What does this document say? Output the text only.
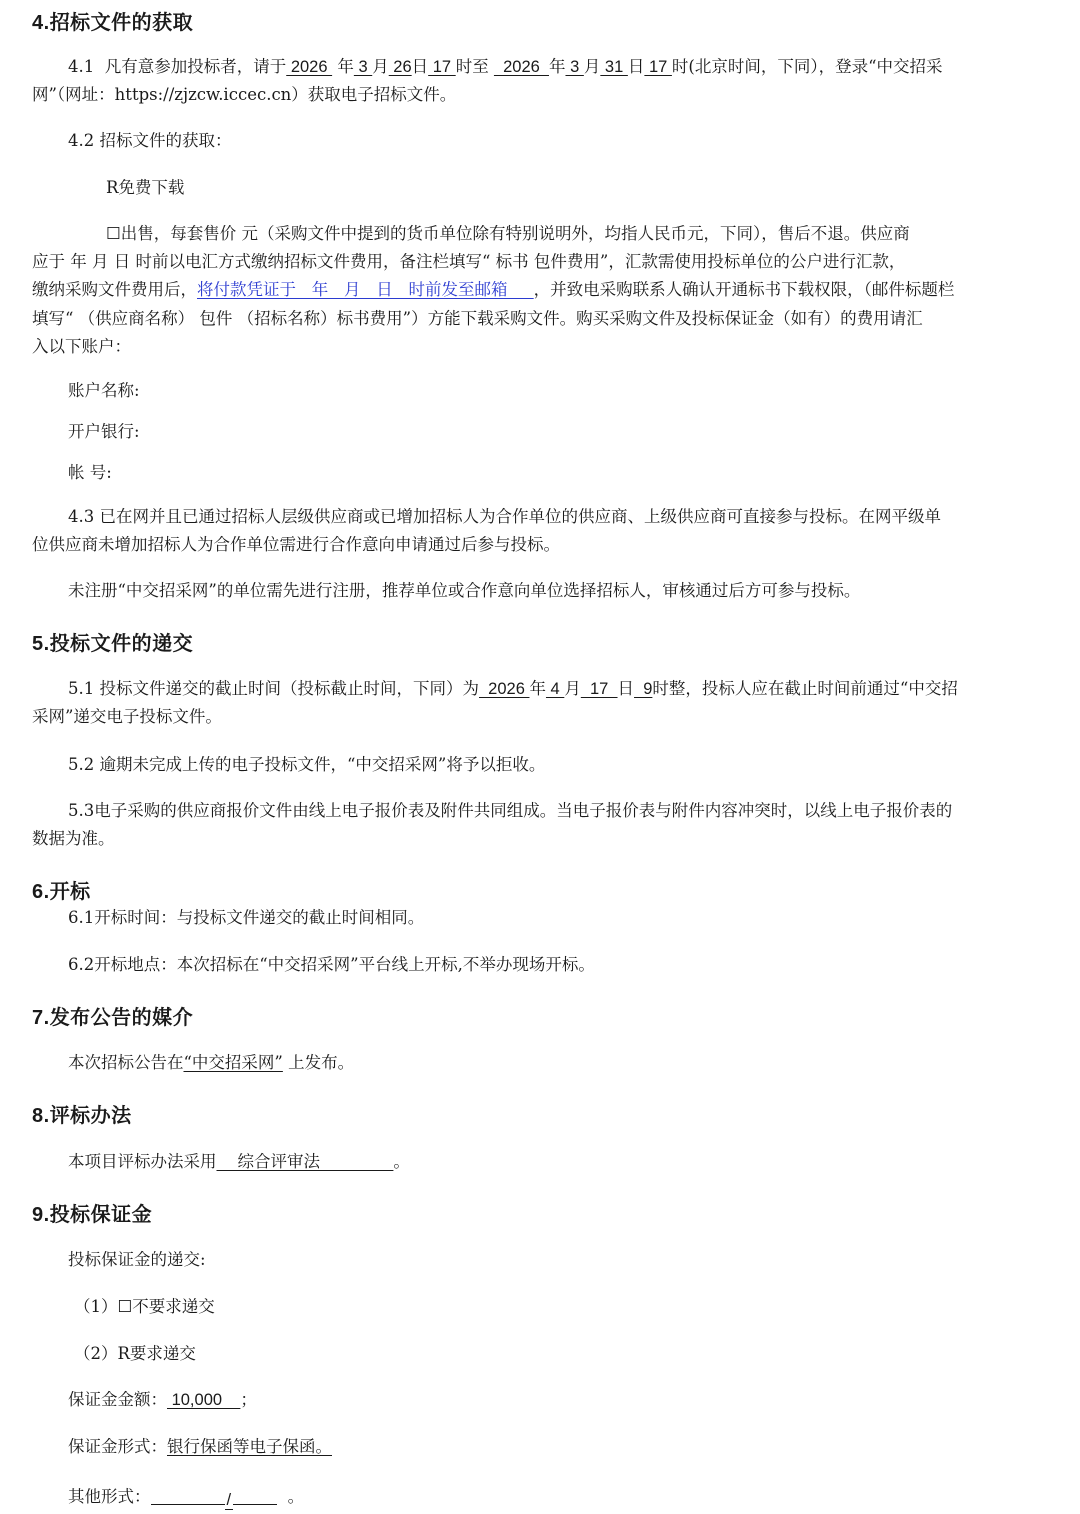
4.招标文件的获取
4.1  凡有意参加投标者，请于 2026  年 3 月 26日 17 时至   2026  年 3 月 31 日 17 时(北京时间，下同），登录“中交招采
网”（网址：https://zjzcw.iccec.cn）获取电子招标文件。
4.2 招标文件的获取：
R免费下载
☐出售，每套售价 元（采购文件中提到的货币单位除有特别说明外，均指人民币元，下同），售后不退。供应商
应于 年 月 日 时前以电汇方式缴纳招标文件费用，备注栏填写“ 标书 包件费用”，汇款需使用投标单位的公户进行汇款，
缴纳采购文件费用后，将付款凭证于   年   月   日   时前发至邮箱     ，并致电采购联系人确认开通标书下载权限，（邮件标题栏
填写“ （供应商名称） 包件 （招标名称）标书费用”）方能下载采购文件。购买采购文件及投标保证金（如有）的费用请汇
入以下账户：
账户名称:
开户银行:
帐 号:
4.3 已在网并且已通过招标人层级供应商或已增加招标人为合作单位的供应商、上级供应商可直接参与投标。在网平级单
位供应商未增加招标人为合作单位需进行合作意向申请通过后参与投标。
未注册“中交招采网”的单位需先进行注册，推荐单位或合作意向单位选择招标人，审核通过后方可参与投标。
5.投标文件的递交
5.1 投标文件递交的截止时间（投标截止时间，下同）为  2026 年 4 月  17  日  9时整，投标人应在截止时间前通过“中交招
采网”递交电子投标文件。
5.2 逾期未完成上传的电子投标文件，“中交招采网”将予以拒收。
5.3电子采购的供应商报价文件由线上电子报价表及附件共同组成。当电子报价表与附件内容冲突时，以线上电子报价表的
数据为准。
6.开标
6.1开标时间：与投标文件递交的截止时间相同。
6.2开标地点：本次招标在“中交招采网”平台线上开标,不举办现场开标。
7.发布公告的媒介
本次招标公告在“中交招采网” 上发布。
8.评标办法
本项目评标办法采用    综合评审法              。
9.投标保证金
投标保证金的递交:
（1）☐不要求递交
（2）R要求递交
保证金金额： 10,000    ；
保证金形式：银行保函等电子保函。
其他形式：	/	。
